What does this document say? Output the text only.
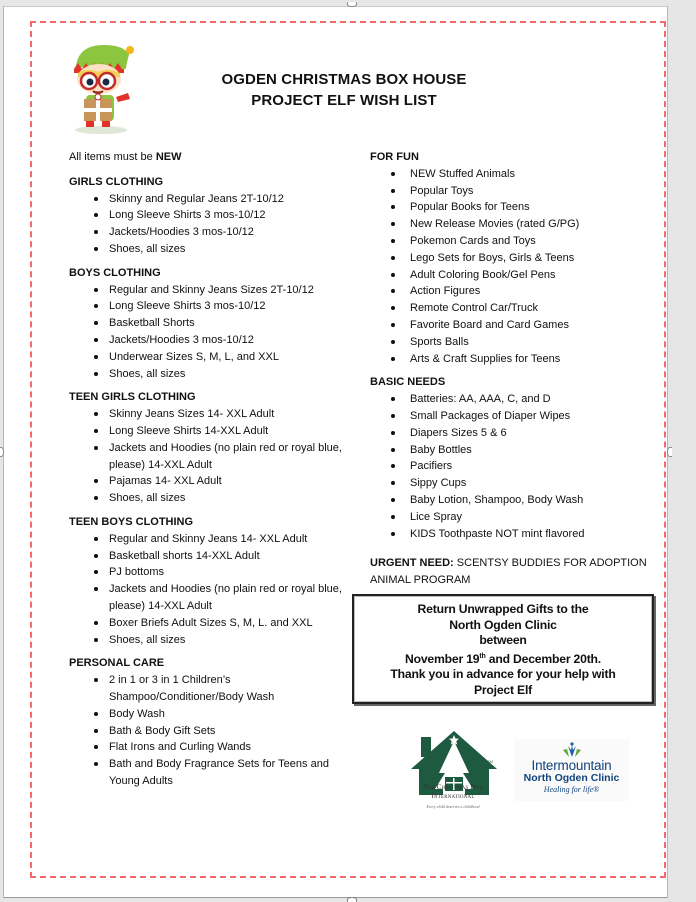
OGDEN CHRISTMAS BOX HOUSE
PROJECT ELF WISH LIST

All items must be NEW

GIRLS CLOTHING

Skinny and Regular Jeans 2T-10/12
Long Sleeve Shirts 3 mos-10/12
Jackets/Hoodies 3 mos-10/12
Shoes, all sizes

BOYS CLOTHING

Regular and Skinny Jeans Sizes 2T-10/12
Long Sleeve Shirts 3 mos-10/12
Basketball Shorts
Jackets/Hoodies 3 mos-10/12
Underwear Sizes S, M, L, and XXL
Shoes, all sizes

TEEN GIRLS CLOTHING

Skinny Jeans Sizes 14- XXL Adult
Long Sleeve Shirts 14-XXL Adult
Jackets and Hoodies (no plain red or royal blue, please) 14-XXL Adult
Pajamas 14- XXL Adult
Shoes, all sizes

TEEN BOYS CLOTHING

Regular and Skinny Jeans 14- XXL Adult
Basketball shorts 14-XXL Adult
PJ bottoms
Jackets and Hoodies (no plain red or royal blue, please) 14-XXL Adult
Boxer Briefs Adult Sizes S, M, L. and XXL
Shoes, all sizes

PERSONAL CARE

2 in 1 or 3 in 1 Children’s Shampoo/Conditioner/Body Wash
Body Wash
Bath & Body Gift Sets
Flat Irons and Curling Wands
Bath and Body Fragrance Sets for Teens and Young Adults

FOR FUN

NEW Stuffed Animals
Popular Toys
Popular Books for Teens
New Release Movies (rated G/PG)
Pokemon Cards and Toys
Lego Sets for Boys, Girls & Teens
Adult Coloring Book/Gel Pens
Action Figures
Remote Control Car/Truck
Favorite Board and Card Games
Sports Balls
Arts & Craft Supplies for Teens

BASIC NEEDS

Batteries: AA, AAA, C, and D
Small Packages of Diaper Wipes
Diapers Sizes 5 & 6
Baby Bottles
Pacifiers
Sippy Cups
Baby Lotion, Shampoo, Body Wash
Lice Spray
KIDS Toothpaste NOT mint flavored
URGENT NEED: SCENTSY BUDDIES FOR ADOPTION ANIMAL PROGRAM
Return Unwrapped Gifts to the
North Ogden Clinic
between
November 19th and December 20th.
Thank you in advance for your help with
Project Elf
TM
The Christmas Box
International
Every child deserves a childhood
Intermountain
North Ogden Clinic
Healing for life®
